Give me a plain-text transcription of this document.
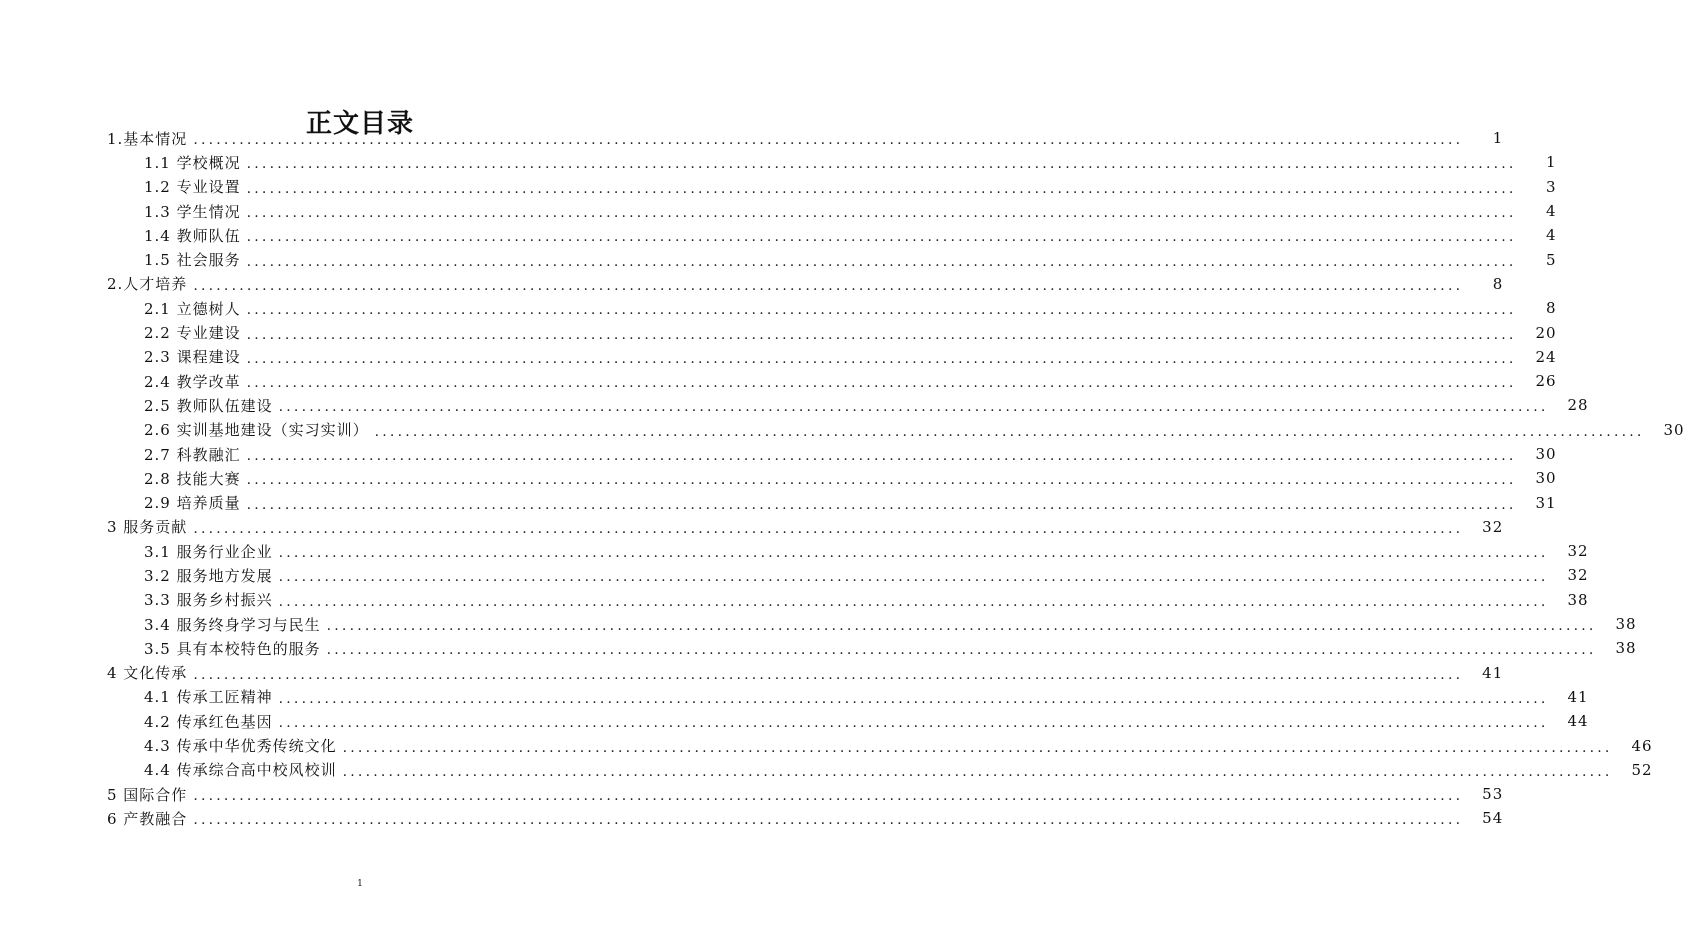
正文目录
1.基本情况 ......................................................................................................................................................................	1
1.1 学校概况 ......................................................................................................................................................................	1
1.2 专业设置 ......................................................................................................................................................................	3
1.3 学生情况 ......................................................................................................................................................................	4
1.4 教师队伍 ......................................................................................................................................................................	4
1.5 社会服务 ......................................................................................................................................................................	5
2.人才培养 ......................................................................................................................................................................	8
2.1 立德树人 ......................................................................................................................................................................	8
2.2 专业建设 ......................................................................................................................................................................	20
2.3 课程建设 ......................................................................................................................................................................	24
2.4 教学改革 ......................................................................................................................................................................	26
2.5 教师队伍建设 ......................................................................................................................................................................	28
2.6 实训基地建设（实习实训） ......................................................................................................................................................................	30
2.7 科教融汇 ......................................................................................................................................................................	30
2.8 技能大赛 ......................................................................................................................................................................	30
2.9 培养质量 ......................................................................................................................................................................	31
3 服务贡献 ......................................................................................................................................................................	32
3.1 服务行业企业 ......................................................................................................................................................................	32
3.2 服务地方发展 ......................................................................................................................................................................	32
3.3 服务乡村振兴 ......................................................................................................................................................................	38
3.4 服务终身学习与民生 ......................................................................................................................................................................	38
3.5 具有本校特色的服务 ......................................................................................................................................................................	38
4 文化传承 ......................................................................................................................................................................	41
4.1 传承工匠精神 ......................................................................................................................................................................	41
4.2 传承红色基因 ......................................................................................................................................................................	44
4.3 传承中华优秀传统文化 ......................................................................................................................................................................	46
4.4 传承综合高中校风校训 ......................................................................................................................................................................	52
5 国际合作 ......................................................................................................................................................................	53
6 产教融合 ......................................................................................................................................................................	54
1
